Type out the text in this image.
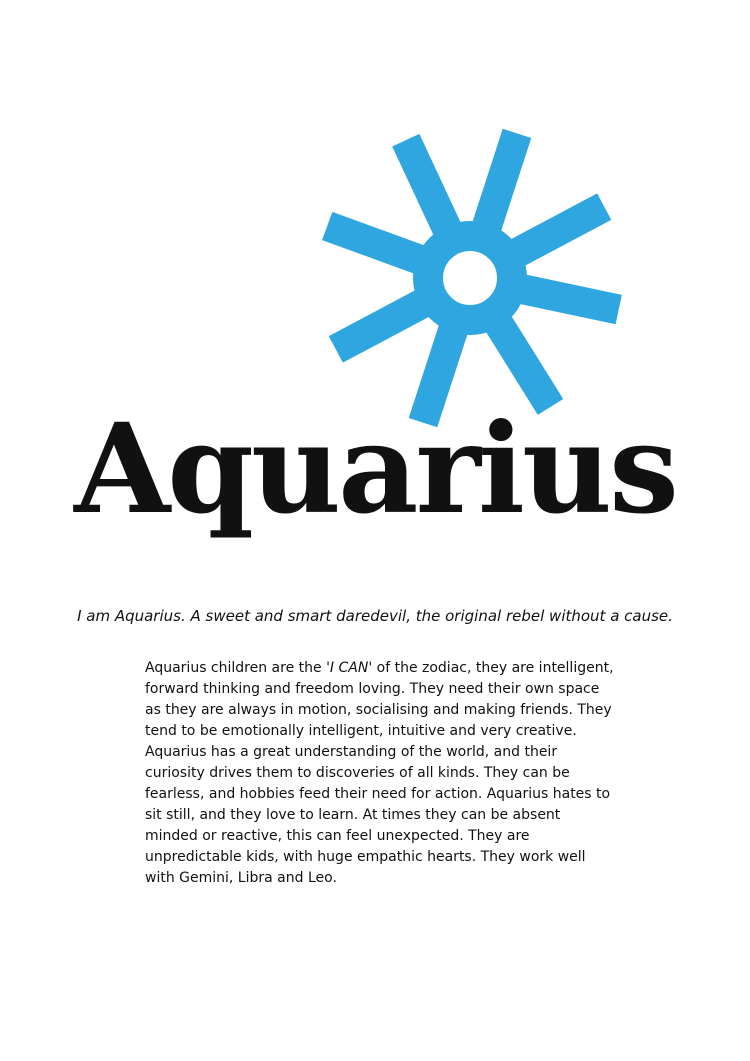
Aquarius

I am Aquarius. A sweet and smart daredevil, the original rebel without a cause.

Aquarius children are the 'I CAN' of the zodiac, they are intelligent, forward thinking and freedom loving. They need their own space as they are always in motion, socialising and making friends. They tend to be emotionally intelligent, intuitive and very creative. Aquarius has a great understanding of the world, and their curiosity drives them to discoveries of all kinds. They can be fearless, and hobbies feed their need for action. Aquarius hates to sit still, and they love to learn. At times they can be absent minded or reactive, this can feel unexpected. They are unpredictable kids, with huge empathic hearts. They work well with Gemini, Libra and Leo.
